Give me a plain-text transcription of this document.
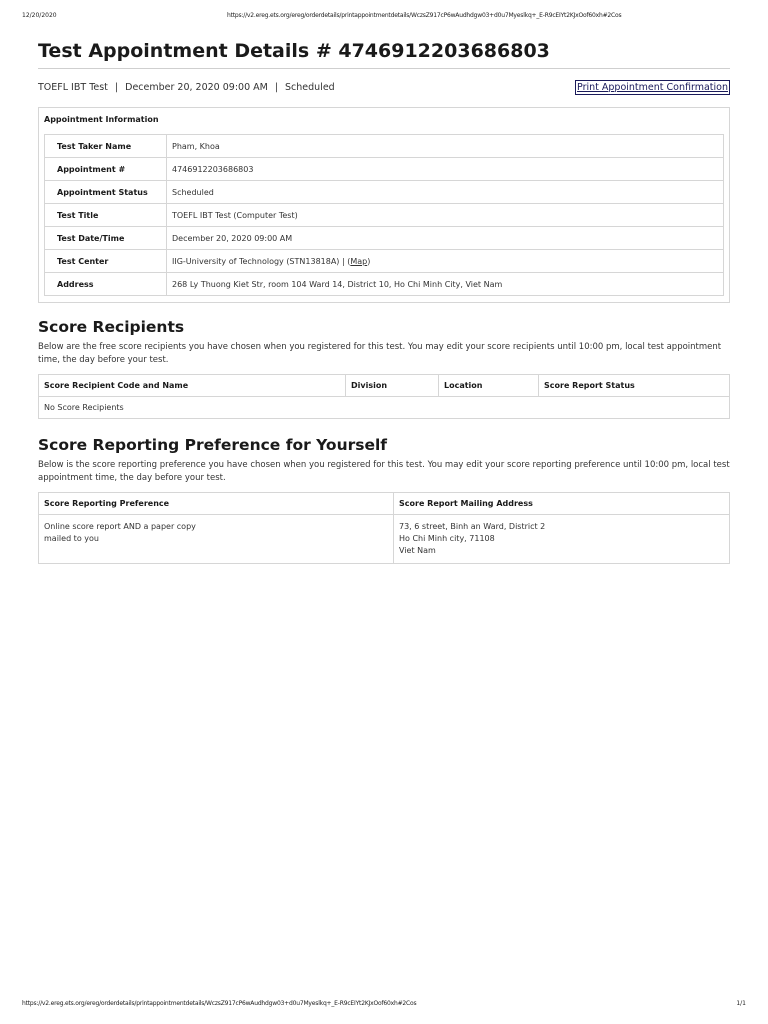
12/20/2020	https://v2.ereg.ets.org/ereg/orderdetails/printappointmentdetails/WczsZ917cP6wAudhdgw03+d0u7Myeslkq+_E-R9cEIYt2KJxOof60xh#2Cos
Test Appointment Details # 4746912203686803
TOEFL IBT Test | December 20, 2020 09:00 AM | Scheduled	Print Appointment Confirmation
Appointment Information
Test Taker Name	Pham, Khoa
Appointment #	4746912203686803
Appointment Status	Scheduled
Test Title	TOEFL IBT Test (Computer Test)
Test Date/Time	December 20, 2020 09:00 AM
Test Center	IIG-University of Technology (STN13818A) | (Map)
Address	268 Ly Thuong Kiet Str, room 104 Ward 14, District 10, Ho Chi Minh City, Viet Nam
Score Recipients

Below are the free score recipients you have chosen when you registered for this test. You may edit your score recipients until 10:00 pm, local test appointment time, the day before your test.

Score Recipient Code and Name	Division	Location	Score Report Status
No Score Recipients
Score Reporting Preference for Yourself

Below is the score reporting preference you have chosen when you registered for this test. You may edit your score reporting preference until 10:00 pm, local test appointment time, the day before your test.

Score Reporting Preference	Score Report Mailing Address

Online score report AND a paper copy
mailed to you	73, 6 street, Binh an Ward, District 2
Ho Chi Minh city, 71108
Viet Nam
https://v2.ereg.ets.org/ereg/orderdetails/printappointmentdetails/WczsZ917cP6wAudhdgw03+d0u7Myeslkq+_E-R9cEIYt2KJxOof60xh#2Cos	1/1
